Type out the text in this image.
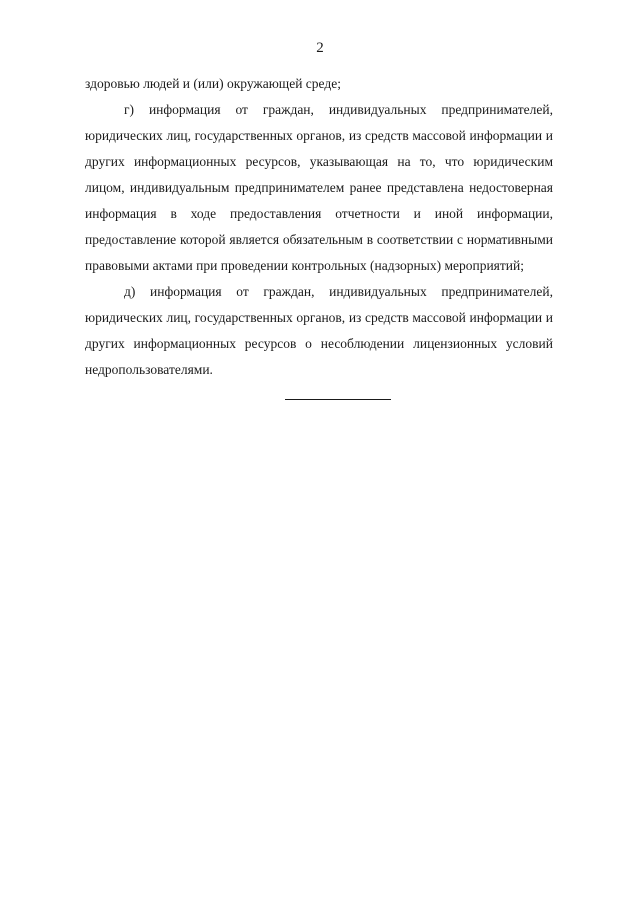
2

здоровью людей и (или) окружающей среде;

г) информация от граждан, индивидуальных предпринимателей, юридических лиц, государственных органов, из средств массовой информации и других информационных ресурсов, указывающая на то, что юридическим лицом, индивидуальным предпринимателем ранее представлена недостоверная информация в ходе предоставления отчетности и иной информации, предоставление которой является обязательным в соответствии с нормативными правовыми актами при проведении контрольных (надзорных) мероприятий;

д) информация от граждан, индивидуальных предпринимателей, юридических лиц, государственных органов, из средств массовой информации и других информационных ресурсов о несоблюдении лицензионных условий недропользователями.
